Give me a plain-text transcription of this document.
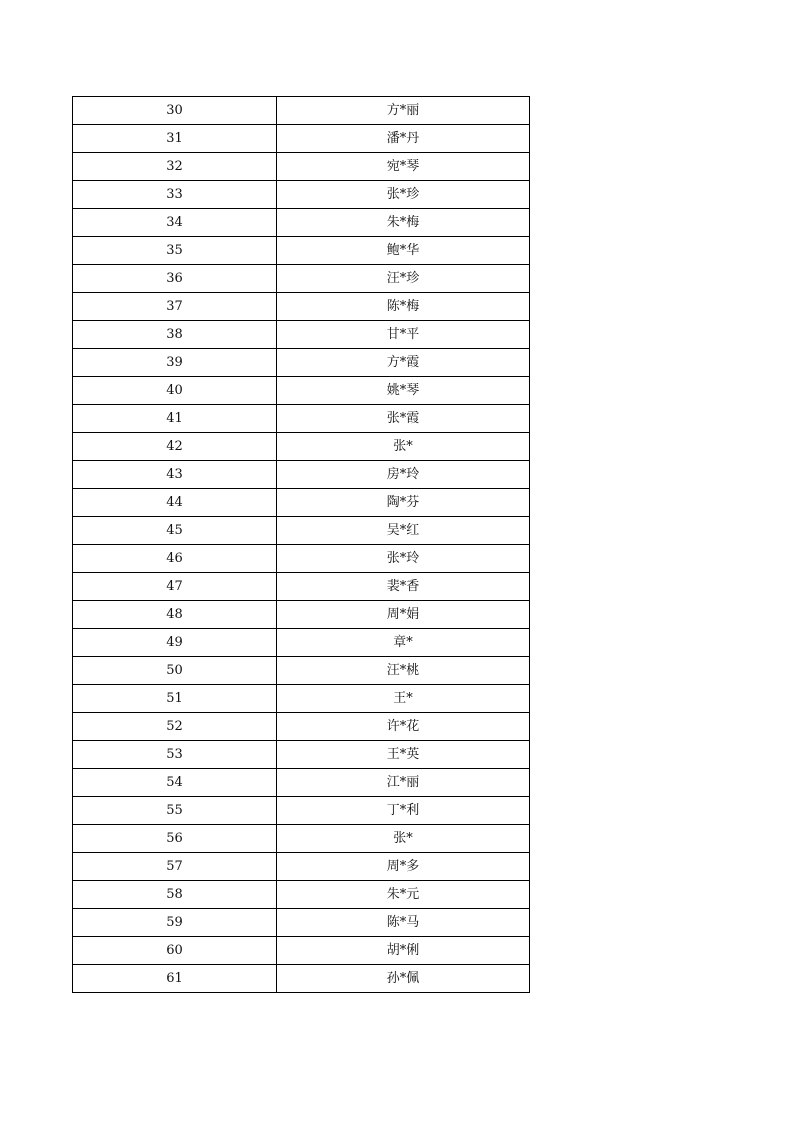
30	方*丽
31	潘*丹
32	宛*琴
33	张*珍
34	朱*梅
35	鲍*华
36	汪*珍
37	陈*梅
38	甘*平
39	方*霞
40	姚*琴
41	张*霞
42	张*
43	房*玲
44	陶*芬
45	吴*红
46	张*玲
47	裴*香
48	周*娟
49	章*
50	汪*桃
51	王*
52	许*花
53	王*英
54	江*丽
55	丁*利
56	张*
57	周*多
58	朱*元
59	陈*马
60	胡*俐
61	孙*佩
